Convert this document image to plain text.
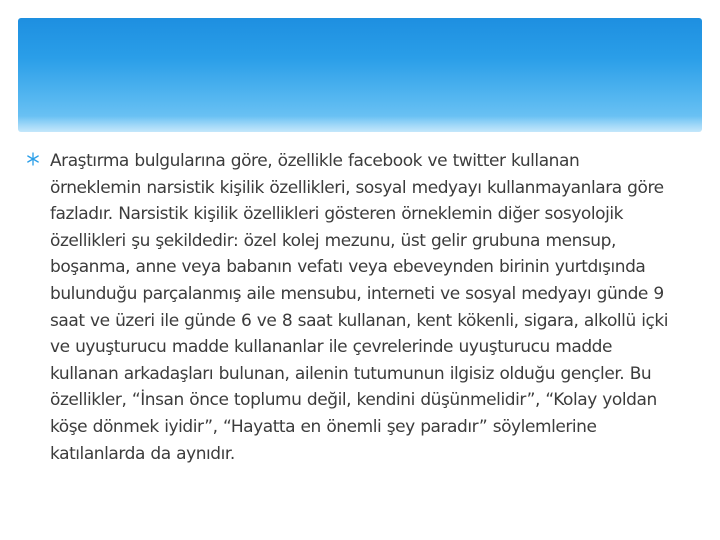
Araştırma bulgularına göre, özellikle facebook ve twitter kullanan örneklemin narsistik kişilik özellikleri, sosyal medyayı kullanmayanlara göre fazladır. Narsistik kişilik özellikleri gösteren örneklemin diğer sosyolojik özellikleri şu şekildedir: özel kolej mezunu, üst gelir grubuna mensup, boşanma, anne veya babanın vefatı veya ebeveynden birinin yurtdışında bulunduğu parçalanmış aile mensubu, interneti ve sosyal medyayı günde 9 saat ve üzeri ile günde 6 ve 8 saat kullanan, kent kökenli, sigara, alkollü içki ve uyuşturucu madde kullananlar ile çevrelerinde uyuşturucu madde kullanan arkadaşları bulunan, ailenin tutumunun ilgisiz olduğu gençler. Bu özellikler, “İnsan önce toplumu değil, kendini düşünmelidir”, “Kolay yoldan köşe dönmek iyidir”, “Hayatta en önemli şey paradır” söylemlerine katılanlarda da aynıdır.
